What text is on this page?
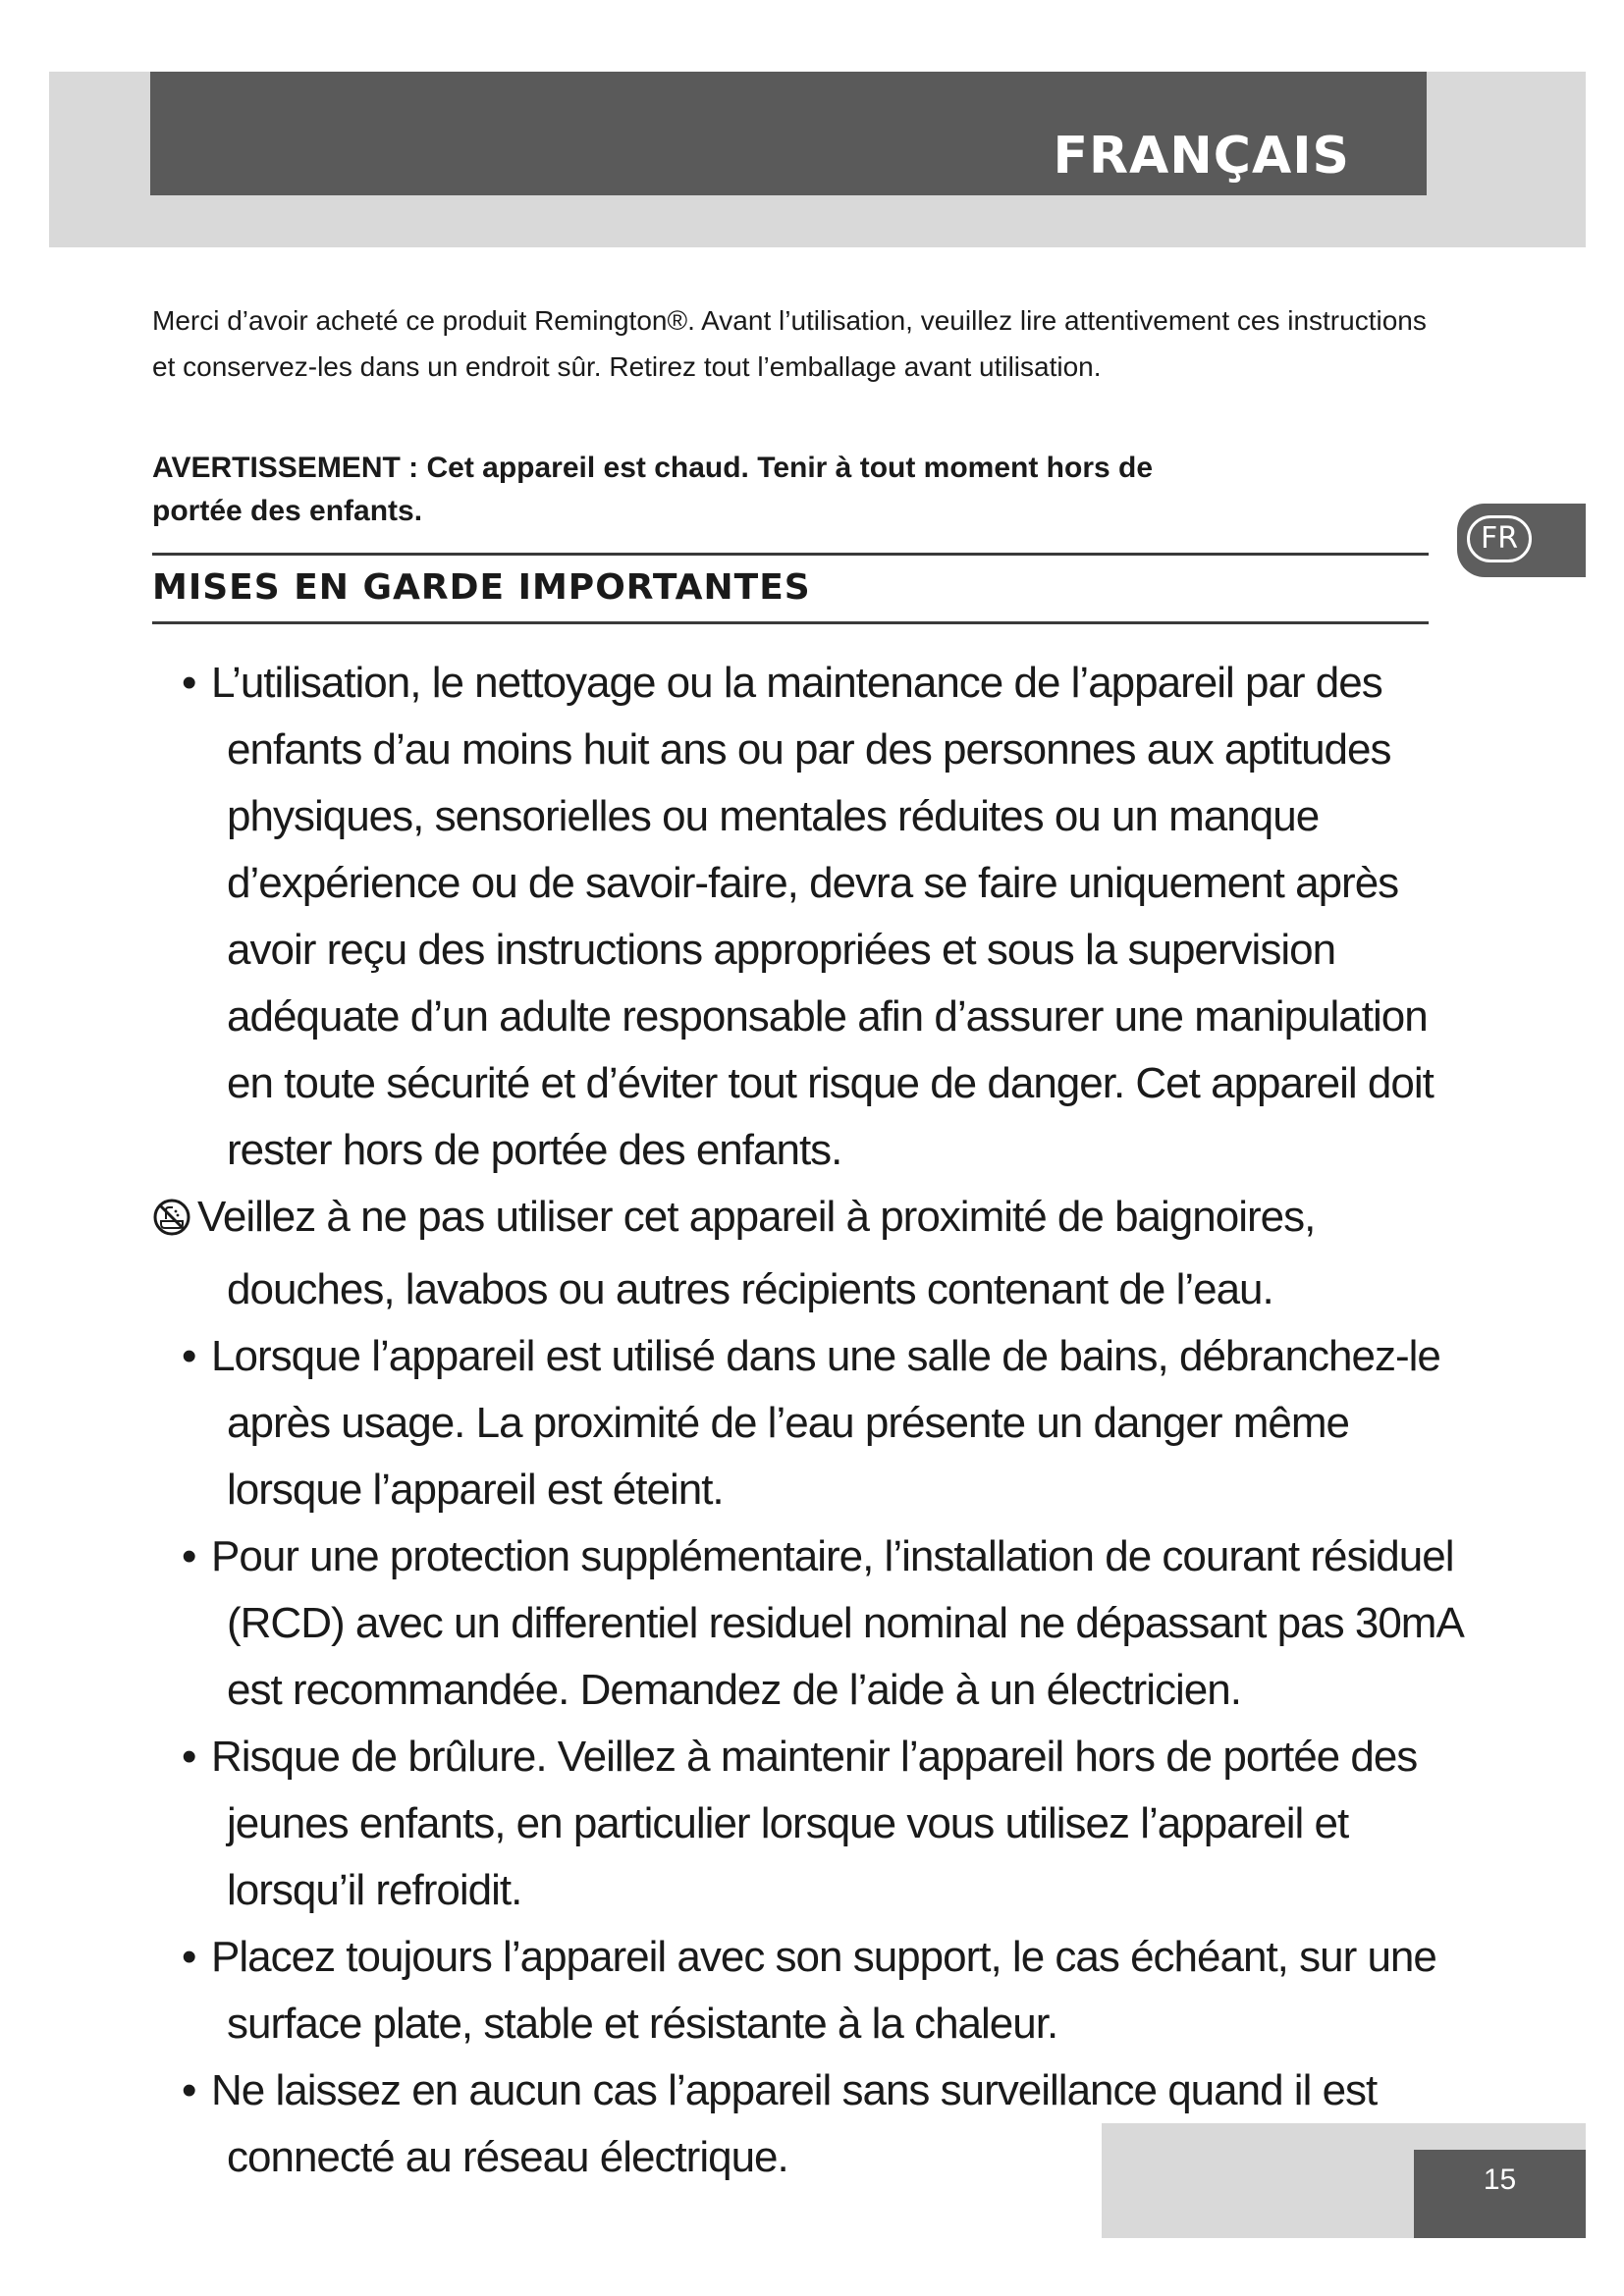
FRANÇAIS
FR

Merci d’avoir acheté ce produit Remington®. Avant l’utilisation, veuillez lire attentivement ces instructions et conservez-les dans un endroit sûr. Retirez tout l’emballage avant utilisation.

AVERTISSEMENT : Cet appareil est chaud. Tenir à tout moment hors de portée des enfants.

MISES EN GARDE IMPORTANTES
• L’utilisation, le nettoyage ou la maintenance de l’appareil par des enfants d’au moins huit ans ou par des personnes aux aptitudes physiques, sensorielles ou mentales réduites ou un manque d’expérience ou de savoir-faire, devra se faire uniquement après avoir reçu des instructions appropriées et sous la supervision adéquate d’un adulte responsable afin d’assurer une manipulation en toute sécurité et d’éviter tout risque de danger. Cet appareil doit rester hors de portée des enfants.
Veillez à ne pas utiliser cet appareil à proximité de baignoires, douches, lavabos ou autres récipients contenant de l’eau.
• Lorsque l’appareil est utilisé dans une salle de bains, débranchez-le après usage. La proximité de l’eau présente un danger même lorsque l’appareil est éteint.
• Pour une protection supplémentaire, l’installation de courant résiduel (RCD) avec un differentiel residuel nominal ne dépassant pas 30mA est recommandée. Demandez de l’aide à un électricien.
• Risque de brûlure. Veillez à maintenir l’appareil hors de portée des jeunes enfants, en particulier lorsque vous utilisez l’appareil et lorsqu’il refroidit.
• Placez toujours l’appareil avec son support, le cas échéant, sur une surface plate, stable et résistante à la chaleur.
• Ne laissez en aucun cas l’appareil sans surveillance quand il est connecté au réseau électrique.	15
